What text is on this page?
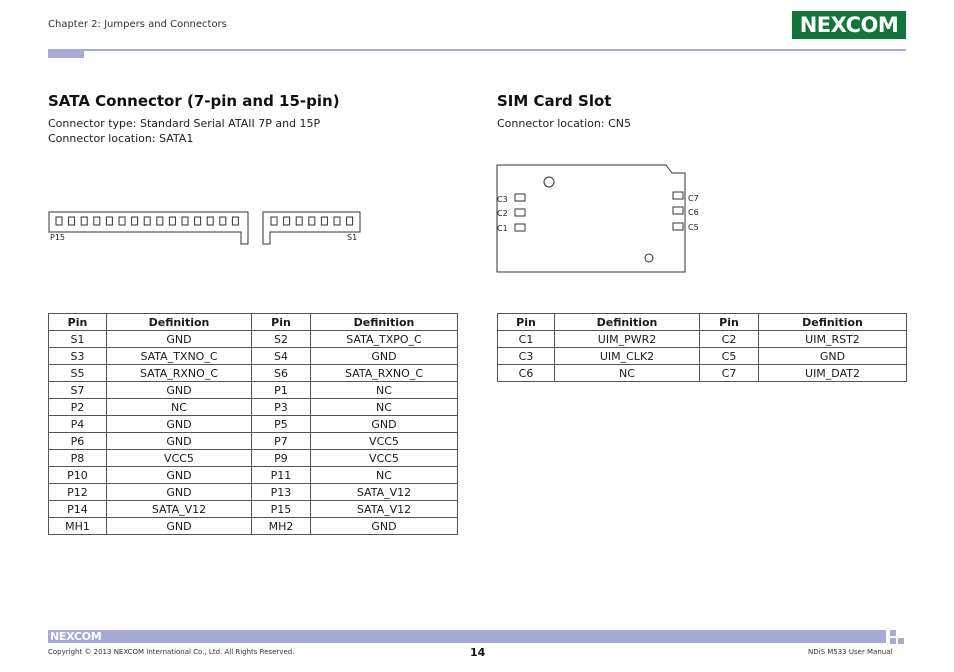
Chapter 2: Jumpers and Connectors	NEXCOM
SATA Connector (7-pin and 15-pin)
Connector type: Standard Serial ATAII 7P and 15P
Connector location: SATA1
P15	S1
Pin	Definition	Pin	Definition
S1	GND	S2	SATA_TXPO_C
S3	SATA_TXNO_C	S4	GND
S5	SATA_RXNO_C	S6	SATA_RXNO_C
S7	GND	P1	NC
P2	NC	P3	NC
P4	GND	P5	GND
P6	GND	P7	VCC5
P8	VCC5	P9	VCC5
P10	GND	P11	NC
P12	GND	P13	SATA_V12
P14	SATA_V12	P15	SATA_V12
MH1	GND	MH2	GND
SIM Card Slot
Connector location: CN5
C3
C2
C1
C7
C6
C5
Pin	Definition	Pin	Definition
C1	UIM_PWR2	C2	UIM_RST2
C3	UIM_CLK2	C5	GND
C6	NC	C7	UIM_DAT2
NEXCOM
Copyright © 2013 NEXCOM International Co., Ltd. All Rights Reserved.	14	NDiS M533 User Manual
